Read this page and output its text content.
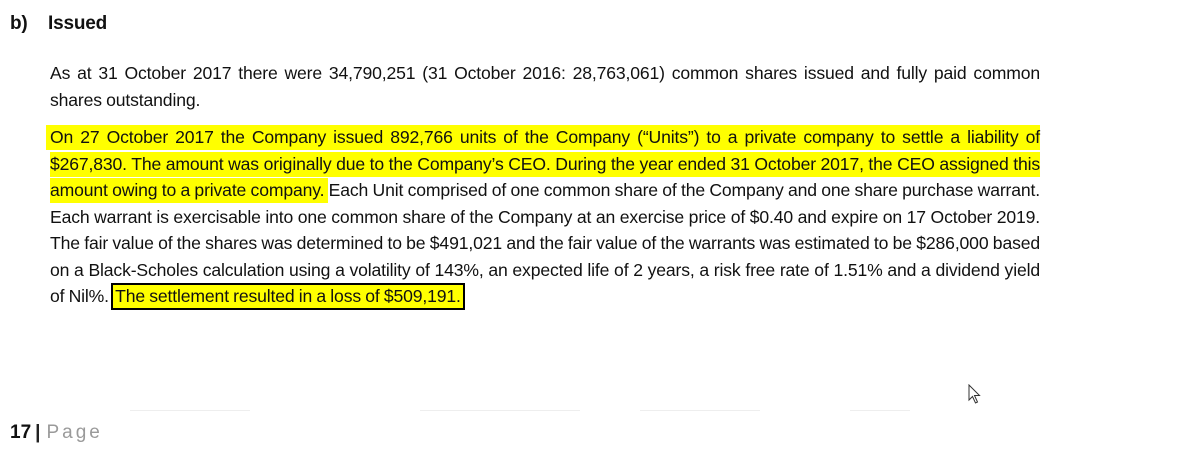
b) Issued
As at 31 October 2017 there were 34,790,251 (31 October 2016: 28,763,061) common shares issued and fully paid common shares outstanding.
On 27 October 2017 the Company issued 892,766 units of the Company (“Units”) to a private company to settle a liability of $267,830. The amount was originally due to the Company’s CEO. During the year ended 31 October 2017, the CEO assigned this amount owing to a private company. Each Unit comprised of one common share of the Company and one share purchase warrant. Each warrant is exercisable into one common share of the Company at an exercise price of $0.40 and expire on 17 October 2019. The fair value of the shares was determined to be $491,021 and the fair value of the warrants was estimated to be $286,000 based on a Black-Scholes calculation using a volatility of 143%, an expected life of 2 years, a risk free rate of 1.51% and a dividend yield of Nil%. The settlement resulted in a loss of $509,191.
17 | Page
